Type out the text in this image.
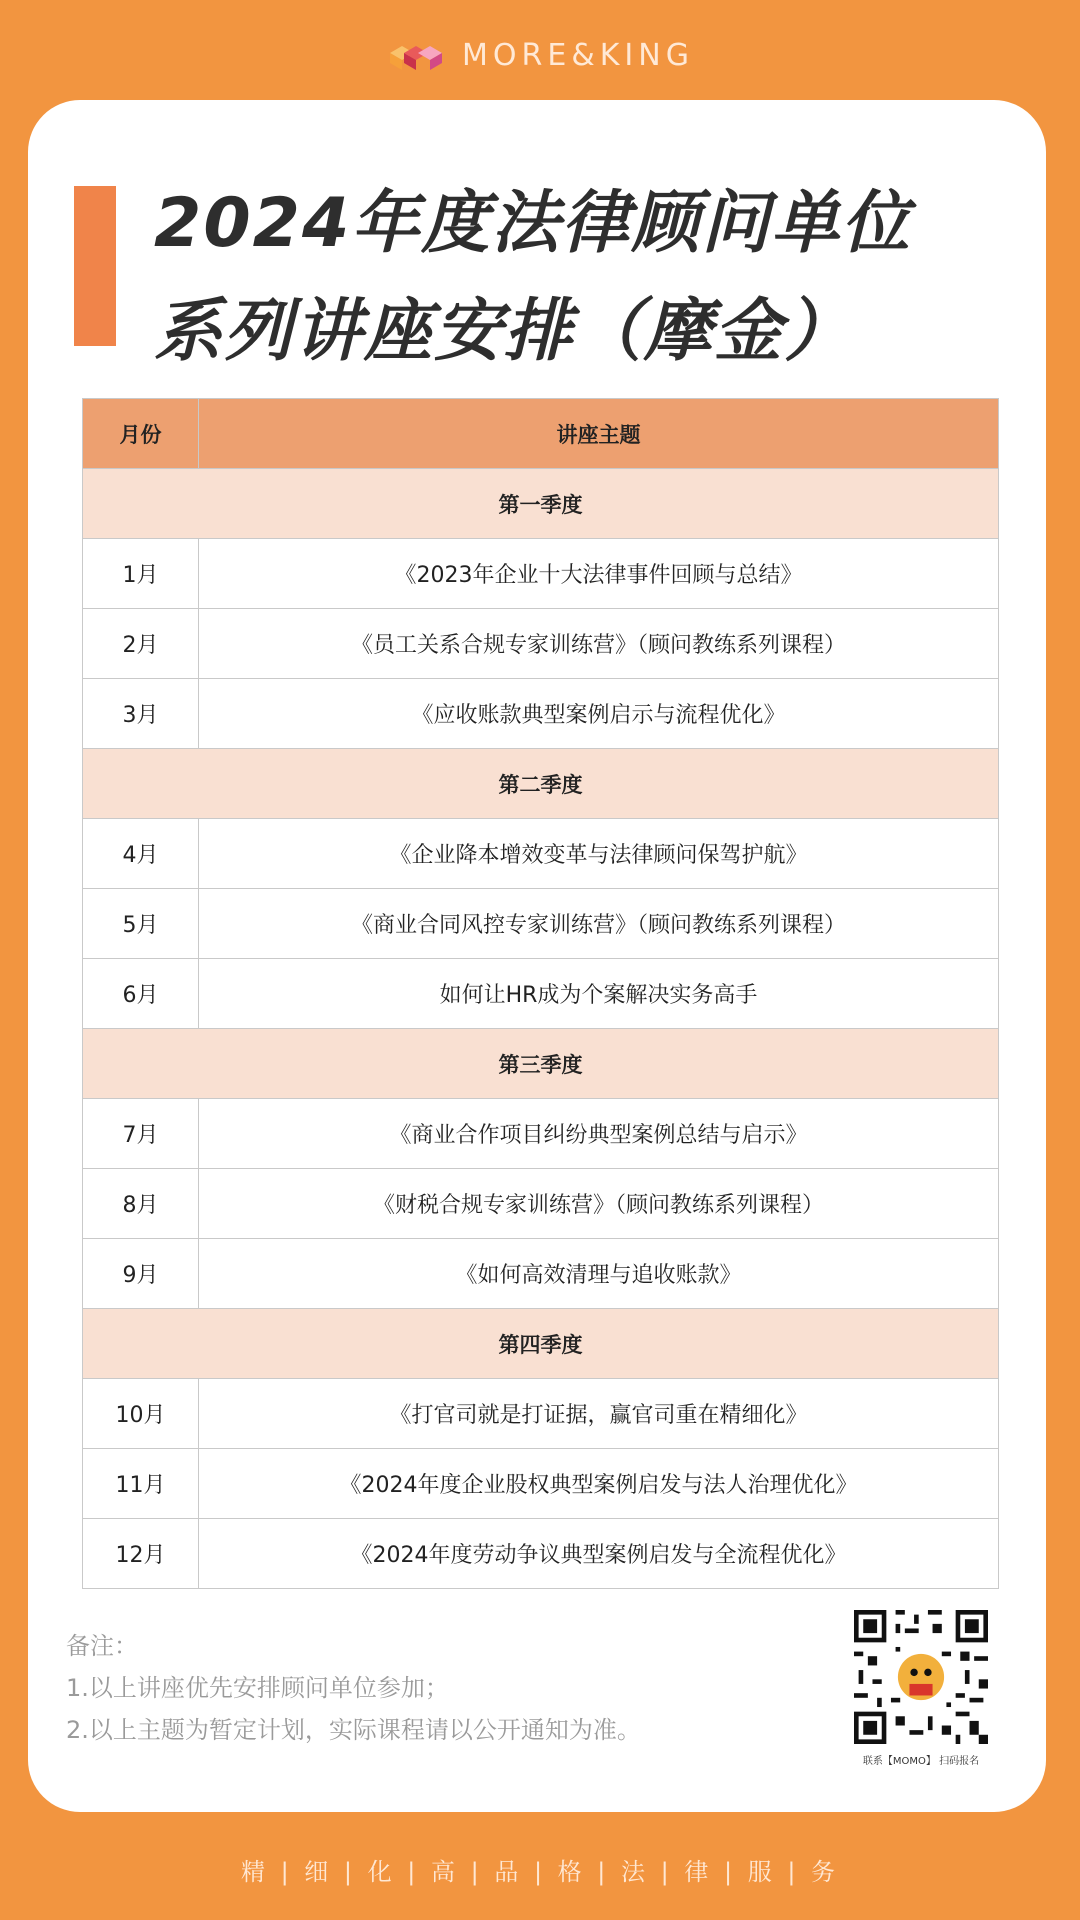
MORE&KING
2024年度法律顾问单位
系列讲座安排（摩金）
月份	讲座主题
第一季度	
1月	《2023年企业十大法律事件回顾与总结》
2月	《员工关系合规专家训练营》（顾问教练系列课程）
3月	《应收账款典型案例启示与流程优化》
第二季度	
4月	《企业降本增效变革与法律顾问保驾护航》
5月	《商业合同风控专家训练营》（顾问教练系列课程）
6月	如何让HR成为个案解决实务高手
第三季度	
7月	《商业合作项目纠纷典型案例总结与启示》
8月	《财税合规专家训练营》（顾问教练系列课程）
9月	《如何高效清理与追收账款》
第四季度	
10月	《打官司就是打证据，赢官司重在精细化》
11月	《2024年度企业股权典型案例启发与法人治理优化》
12月	《2024年度劳动争议典型案例启发与全流程优化》
备注：
1.以上讲座优先安排顾问单位参加；
2.以上主题为暂定计划，实际课程请以公开通知为准。
联系【MOMO】 扫码报名
精 | 细 | 化 | 高 | 品 | 格 | 法 | 律 | 服 | 务
